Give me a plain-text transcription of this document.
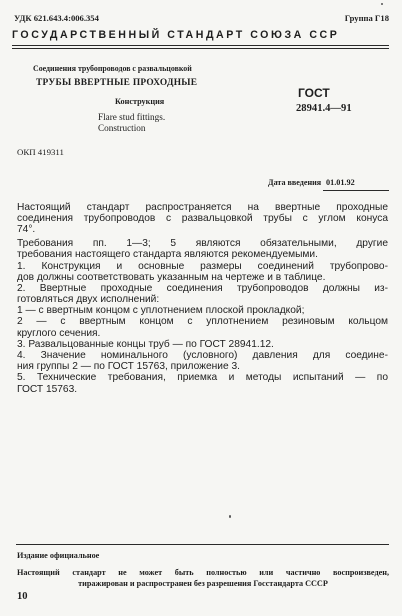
УДК 621.643.4:006.354	Группа Г18
ГОСУДАРСТВЕННЫЙ СТАНДАРТ СОЮЗА ССР
Соединения трубопроводов с развальцовкой
ТРУБЫ ВВЕРТНЫЕ ПРОХОДНЫЕ
Конструкция
Flare stud fittings.
Construction
ГОСТ
28941.4—91
ОКП 419311
Дата введения 01.01.92
Настоящий стандарт распространяется на ввертные проходные
соединения трубопроводов с развальцовкой трубы с углом конуса
74°.
Требования пп. 1—3; 5 являются обязательными, другие
требования настоящего стандарта являются рекомендуемыми.
1. Конструкция и основные размеры соединений трубопрово-
дов должны соответствовать указанным на чертеже и в таблице.
2. Ввертные проходные соединения трубопроводов должны из-
готовляться двух исполнений:
1 — с ввертным концом с уплотнением плоской прокладкой;
2 — с ввертным концом с уплотнением резиновым кольцом
круглого сечения.
3. Развальцованные концы труб — по ГОСТ 28941.12.
4. Значение номинального (условного) давления для соедине-
ния группы 2 — по ГОСТ 15763, приложение 3.
5. Технические требования, приемка и методы испытаний — по
ГОСТ 15763.
Издание официальное
Настоящий стандарт не может быть полностью или частично воспроизведен,
тиражирован и распространен без разрешения Госстандарта СССР
10
